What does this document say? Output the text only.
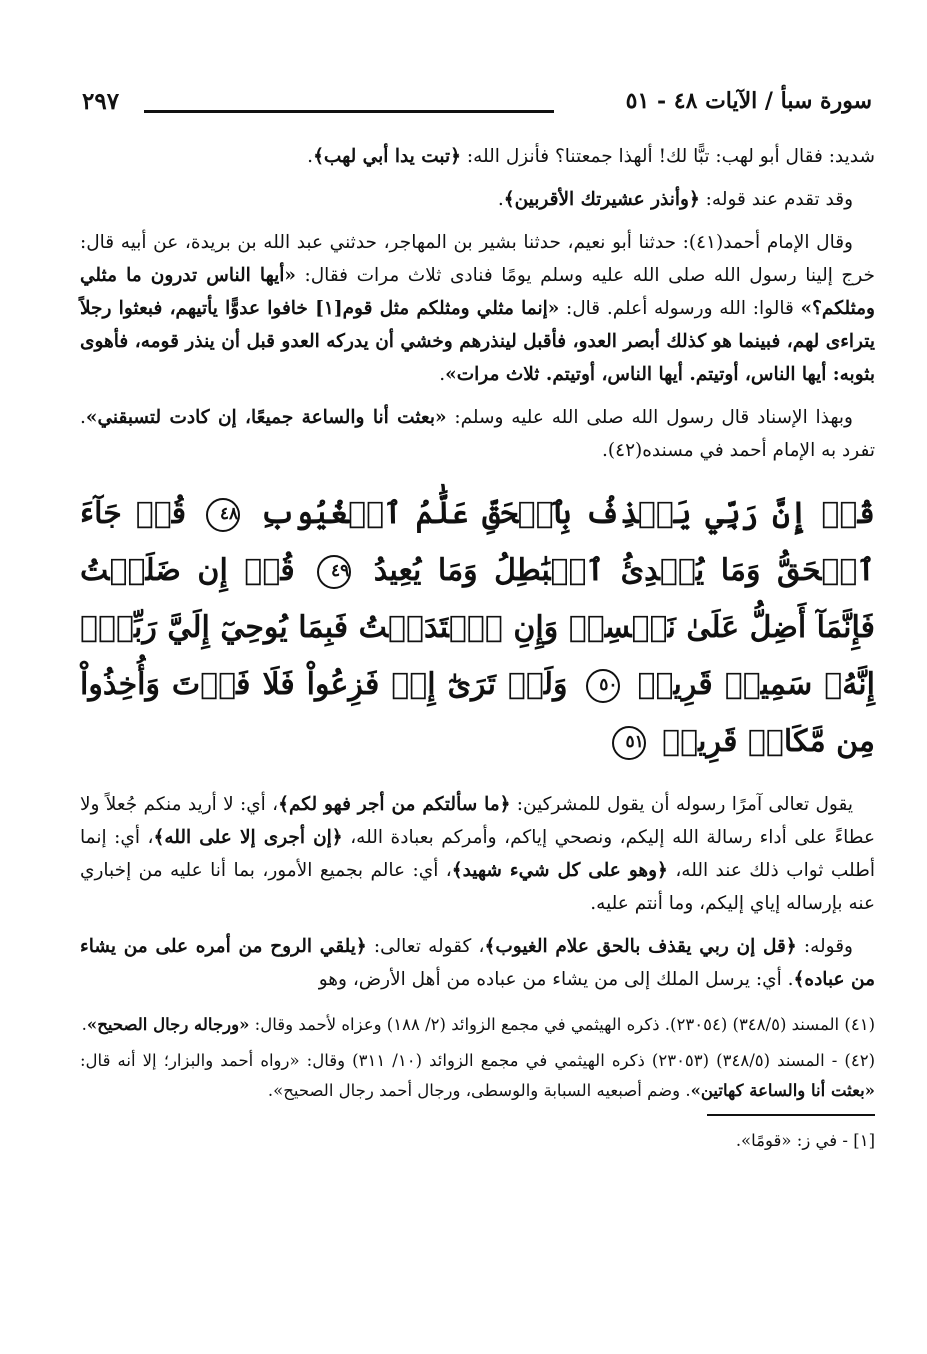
٢٩٧	سورة سبأ / الآيات ٤٨ - ٥١

شديد: فقال أبو لهب: تبًّا لك! ألهذا جمعتنا؟ فأنزل الله: ﴿تبت يدا أبي لهب﴾.

وقد تقدم عند قوله: ﴿وأنذر عشيرتك الأقربين﴾.

وقال الإمام أحمد(٤١): حدثنا أبو نعيم، حدثنا بشير بن المهاجر، حدثني عبد الله بن بريدة، عن أبيه قال: خرج إلينا رسول الله صلى الله عليه وسلم يومًا فنادى ثلاث مرات فقال: «أيها الناس تدرون ما مثلي ومثلكم؟» قالوا: الله ورسوله أعلم. قال: «إنما مثلي ومثلكم مثل قوم[١] خافوا عدوًّا يأتيهم، فبعثوا رجلاً يتراءى لهم، فبينما هو كذلك أبصر العدو، فأقبل لينذرهم وخشي أن يدركه العدو قبل أن ينذر قومه، فأهوى بثوبه: أيها الناس، أوتيتم. أيها الناس، أوتيتم. ثلاث مرات».

وبهذا الإسناد قال رسول الله صلى الله عليه وسلم: «بعثت أنا والساعة جميعًا، إن كادت لتسبقني». تفرد به الإمام أحمد في مسنده(٤٢).

قُلۡ إِنَّ رَبِّي يَقۡذِفُ بِٱلۡحَقِّ عَلَّٰمُ ٱلۡغُيُوبِ ٤٨ قُلۡ جَآءَ ٱلۡحَقُّ وَمَا يُبۡدِئُ ٱلۡبَٰطِلُ وَمَا يُعِيدُ ٤٩ قُلۡ إِن ضَلَلۡتُ فَإِنَّمَآ أَضِلُّ عَلَىٰ نَفۡسِيۖ وَإِنِ ٱهۡتَدَيۡتُ فَبِمَا يُوحِيٓ إِلَيَّ رَبِّيٓۚ إِنَّهُۥ سَمِيعٞ قَرِيبٞ ٥٠ وَلَوۡ تَرَىٰٓ إِذۡ فَزِعُواْ فَلَا فَوۡتَ وَأُخِذُواْ مِن مَّكَانٖ قَرِيبٖ ٥١

يقول تعالى آمرًا رسوله أن يقول للمشركين: ﴿ما سألتكم من أجر فهو لكم﴾، أي: لا أريد منكم جُعلاً ولا عطاءً على أداء رسالة الله إليكم، ونصحي إياكم، وأمركم بعبادة الله، ﴿إن أجرى إلا على الله﴾، أي: إنما أطلب ثواب ذلك عند الله، ﴿وهو على كل شيء شهيد﴾، أي: عالم بجميع الأمور، بما أنا عليه من إخباري عنه بإرساله إياي إليكم، وما أنتم عليه.

وقوله: ﴿قل إن ربي يقذف بالحق علام الغيوب﴾، كقوله تعالى: ﴿يلقي الروح من أمره على من يشاء من عباده﴾. أي: يرسل الملك إلى من يشاء من عباده من أهل الأرض، وهو

(٤١) المسند (٣٤٨/٥) (٢٣٠٥٤). ذكره الهيثمي في مجمع الزوائد (٢/ ١٨٨) وعزاه لأحمد وقال: «ورجاله رجال الصحيح».

(٤٢) - المسند (٣٤٨/٥) (٢٣٠٥٣) ذكره الهيثمي في مجمع الزوائد (١٠/ ٣١١) وقال: «رواه أحمد والبزار؛ إلا أنه قال: «بعثت أنا والساعة كهاتين». وضم أصبعيه السبابة والوسطى، ورجال أحمد رجال الصحيح».

[١] - في ز: «قومًا».
